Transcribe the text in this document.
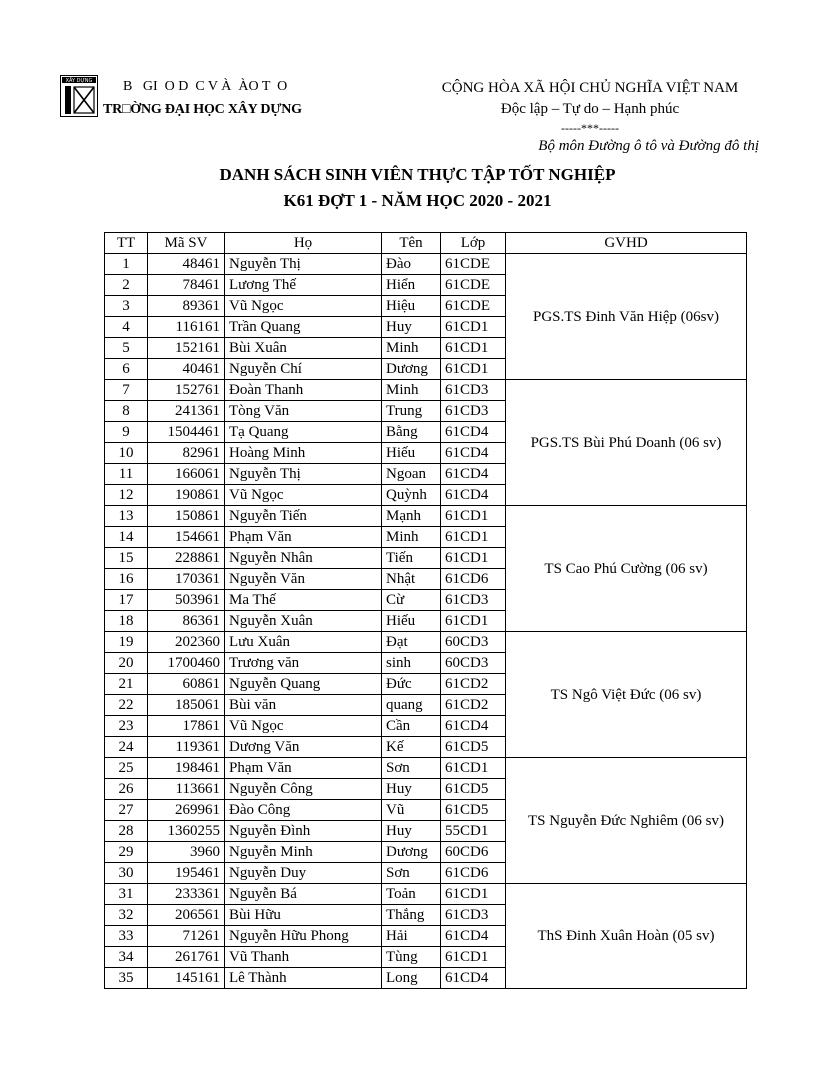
XÂY DỰNG	B   GI  O D  C V À  ÀO T  O
TR□ỜNG ĐẠI HỌC XÂY DỰNG
CỘNG HÒA XÃ HỘI CHỦ NGHĨA VIỆT NAM
Độc lập – Tự do – Hạnh phúc
-----***-----
Bộ môn Đường ô tô và Đường đô thị
DANH SÁCH SINH VIÊN THỰC TẬP TỐT NGHIỆP
K61 ĐỢT 1 - NĂM HỌC 2020 - 2021
TT	Mã SV	Họ	Tên	Lớp	GVHD
1	48461	Nguyễn Thị	Đào	61CDE	PGS.TS Đinh Văn Hiệp (06sv)
2	78461	Lương Thế	Hiển	61CDE	
3	89361	Vũ Ngọc	Hiệu	61CDE	
4	116161	Trần Quang	Huy	61CD1	
5	152161	Bùi Xuân	Minh	61CD1	
6	40461	Nguyễn Chí	Dương	61CD1	
7	152761	Đoàn Thanh	Minh	61CD3	PGS.TS Bùi Phú Doanh (06 sv)
8	241361	Tòng Văn	Trung	61CD3	
9	1504461	Tạ Quang	Bằng	61CD4	
10	82961	Hoàng Minh	Hiếu	61CD4	
11	166061	Nguyễn Thị	Ngoan	61CD4	
12	190861	Vũ Ngọc	Quỳnh	61CD4	
13	150861	Nguyễn Tiến	Mạnh	61CD1	TS Cao Phú Cường (06 sv)
14	154661	Phạm Văn	Minh	61CD1	
15	228861	Nguyễn Nhân	Tiến	61CD1	
16	170361	Nguyễn Văn	Nhật	61CD6	
17	503961	Ma Thế	Cừ	61CD3	
18	86361	Nguyễn Xuân	Hiếu	61CD1	
19	202360	Lưu Xuân	Đạt	60CD3	TS Ngô Việt Đức (06 sv)
20	1700460	Trương văn	sinh	60CD3	
21	60861	Nguyễn Quang	Đức	61CD2	
22	185061	Bùi văn	quang	61CD2	
23	17861	Vũ Ngọc	Cần	61CD4	
24	119361	Dương Văn	Kế	61CD5	
25	198461	Phạm Văn	Sơn	61CD1	TS Nguyễn Đức Nghiêm (06 sv)
26	113661	Nguyễn Công	Huy	61CD5	
27	269961	Đào Công	Vũ	61CD5	
28	1360255	Nguyễn Đình	Huy	55CD1	
29	3960	Nguyễn Minh	Dương	60CD6	
30	195461	Nguyễn Duy	Sơn	61CD6	
31	233361	Nguyễn Bá	Toản	61CD1	ThS Đinh Xuân Hoàn (05 sv)
32	206561	Bùi Hữu	Thắng	61CD3	
33	71261	Nguyễn Hữu Phong	Hải	61CD4	
34	261761	Vũ Thanh	Tùng	61CD1	
35	145161	Lê Thành	Long	61CD4	
